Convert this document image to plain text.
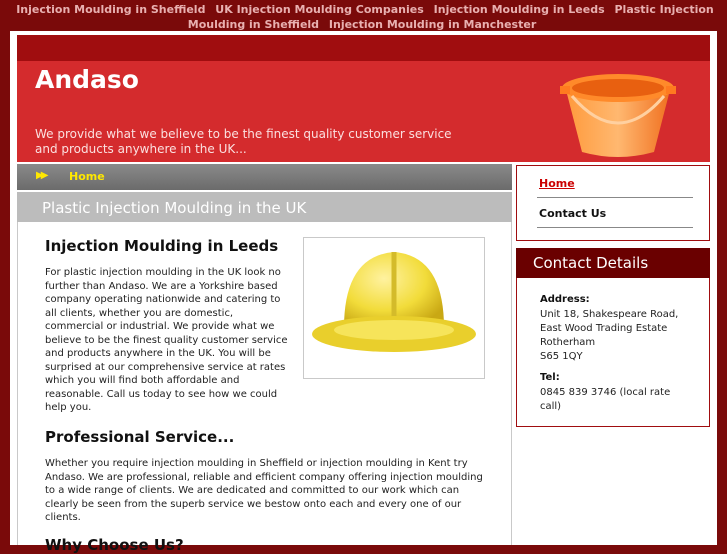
Injection Moulding in Sheffield UK Injection Moulding Companies Injection Moulding in Leeds Plastic Injection Moulding in Sheffield Injection Moulding in Manchester
Andaso
We provide what we believe to be the finest quality customer service and products anywhere in the UK...
▶▶ Home
Plastic Injection Moulding in the UK
Injection Moulding in Leeds
For plastic injection moulding in the UK look no further than Andaso. We are a Yorkshire based company operating nationwide and catering to all clients, whether you are domestic, commercial or industrial. We provide what we believe to be the finest quality customer service and products anywhere in the UK. You will be surprised at our comprehensive service at rates which you will find both affordable and reasonable. Call us today to see how we could help you.
Professional Service...
Whether you require injection moulding in Sheffield or injection moulding in Kent try Andaso. We are professional, reliable and efficient company offering injection moulding to a wide range of clients. We are dedicated and committed to our work which can clearly be seen from the superb service we bestow onto each and every one of our clients.
Why Choose Us?
Home
Contact Us
Contact Details
Address:
Unit 18, Shakespeare Road,
East Wood Trading Estate
Rotherham
S65 1QY
Tel:
0845 839 3746 (local rate
call)
